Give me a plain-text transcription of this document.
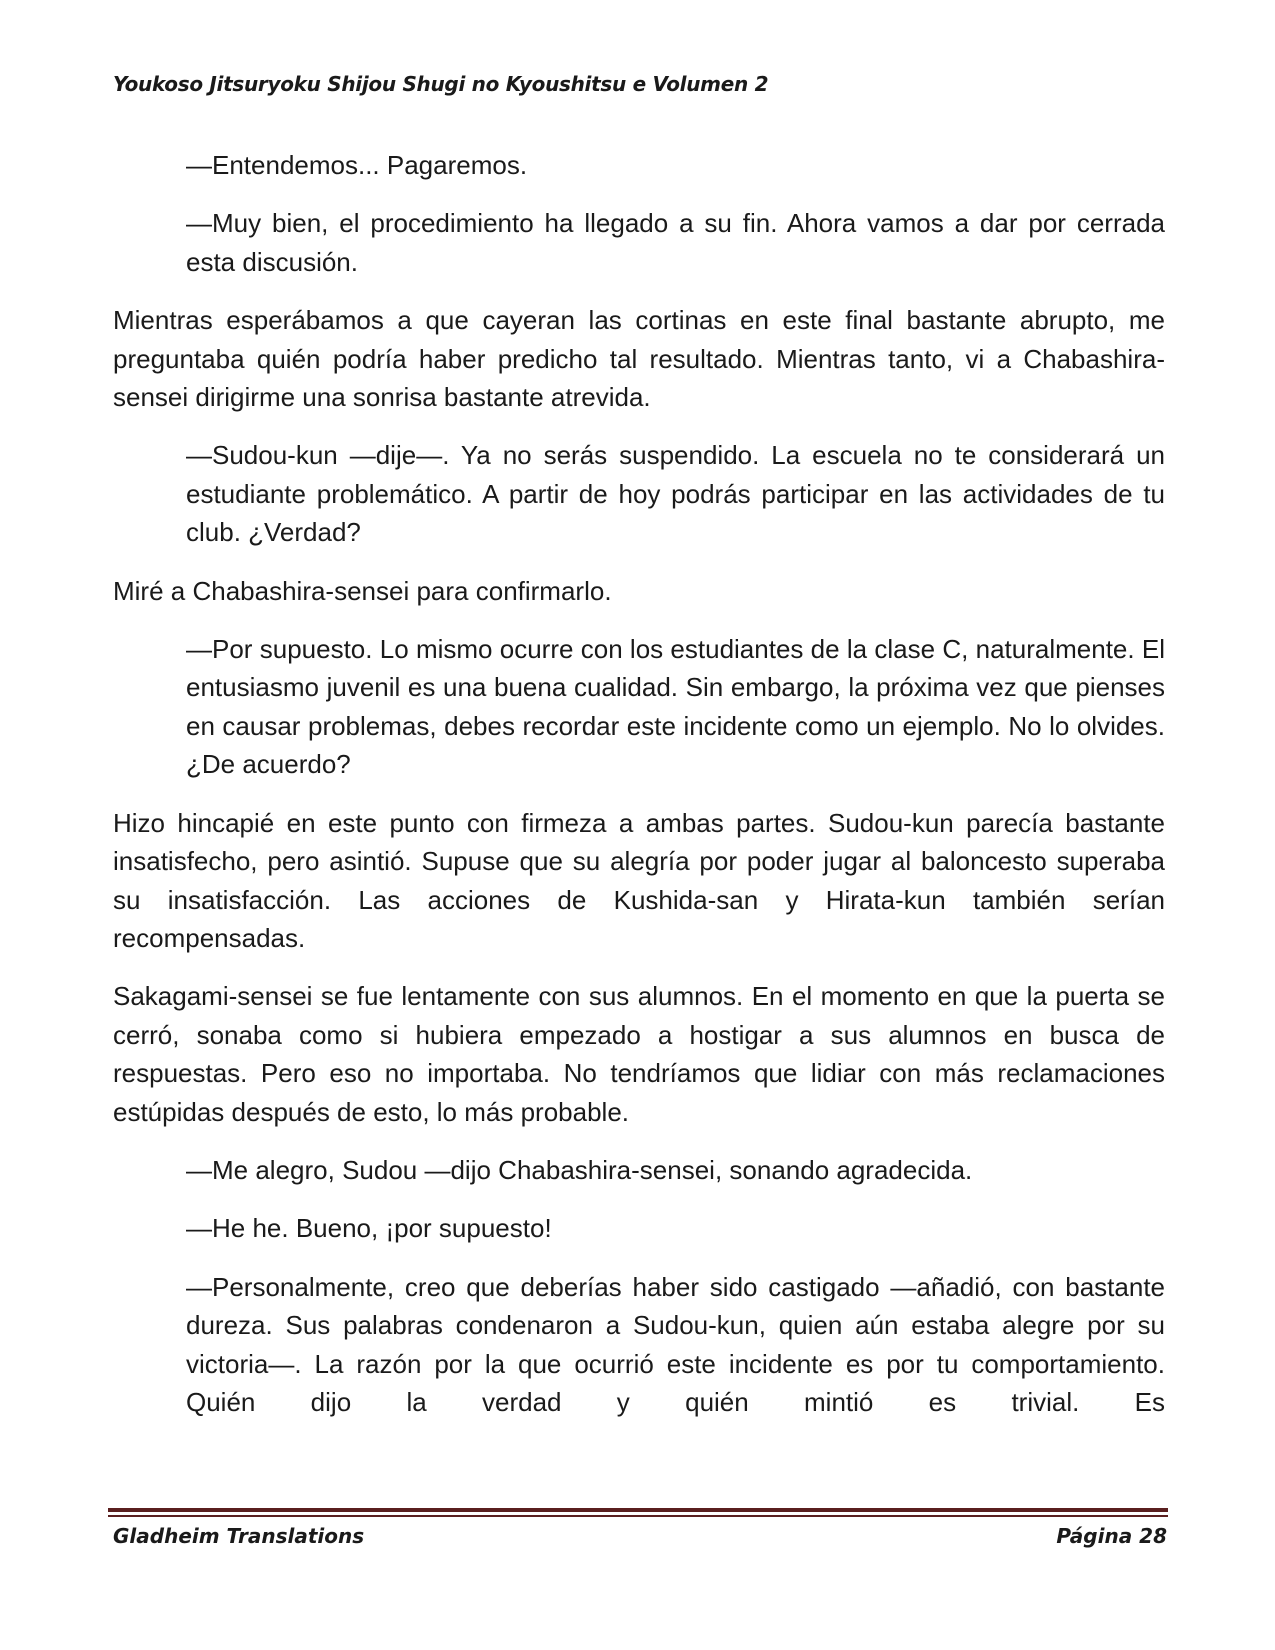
Youkoso Jitsuryoku Shijou Shugi no Kyoushitsu e Volumen 2

—Entendemos... Pagaremos.

—Muy bien, el procedimiento ha llegado a su fin. Ahora vamos a dar por cerrada esta discusión.

Mientras esperábamos a que cayeran las cortinas en este final bastante abrupto, me preguntaba quién podría haber predicho tal resultado. Mientras tanto, vi a Chabashira-sensei dirigirme una sonrisa bastante atrevida.

—Sudou-kun —dije—. Ya no serás suspendido. La escuela no te considerará un estudiante problemático. A partir de hoy podrás participar en las actividades de tu club. ¿Verdad?

Miré a Chabashira-sensei para confirmarlo.

—Por supuesto. Lo mismo ocurre con los estudiantes de la clase C, naturalmente. El entusiasmo juvenil es una buena cualidad. Sin embargo, la próxima vez que pienses en causar problemas, debes recordar este incidente como un ejemplo. No lo olvides. ¿De acuerdo?

Hizo hincapié en este punto con firmeza a ambas partes. Sudou-kun parecía bastante insatisfecho, pero asintió. Supuse que su alegría por poder jugar al baloncesto superaba su insatisfacción. Las acciones de Kushida-san y Hirata-kun también serían recompensadas.

Sakagami-sensei se fue lentamente con sus alumnos. En el momento en que la puerta se cerró, sonaba como si hubiera empezado a hostigar a sus alumnos en busca de respuestas. Pero eso no importaba. No tendríamos que lidiar con más reclamaciones estúpidas después de esto, lo más probable.

—Me alegro, Sudou —dijo Chabashira-sensei, sonando agradecida.

—He he. Bueno, ¡por supuesto!

—Personalmente, creo que deberías haber sido castigado —añadió, con bastante dureza. Sus palabras condenaron a Sudou-kun, quien aún estaba alegre por su victoria—. La razón por la que ocurrió este incidente es por tu comportamiento. Quién dijo la verdad y quién mintió es trivial. Es

Gladheim Translations	Página 28
